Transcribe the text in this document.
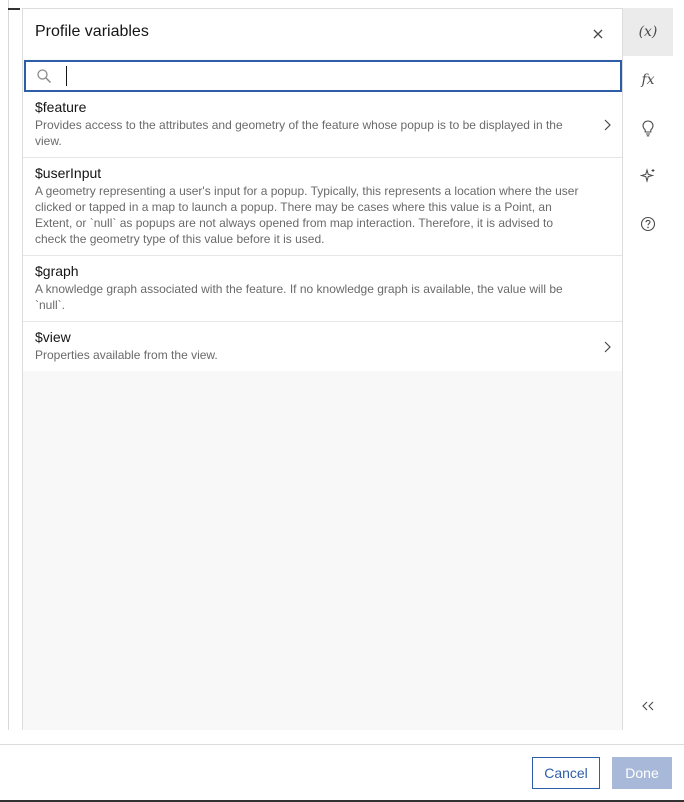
Profile variables
$feature
Provides access to the attributes and geometry of the feature whose popup is to be displayed in the view.
$userInput
A geometry representing a user's input for a popup. Typically, this represents a location where the user clicked or tapped in a map to launch a popup. There may be cases where this value is a Point, an Extent, or `null` as popups are not always opened from map interaction. Therefore, it is advised to check the geometry type of this value before it is used.
$graph
A knowledge graph associated with the feature. If no knowledge graph is available, the value will be `null`.
$view
Properties available from the view.
(x)
fx
Cancel	Done
